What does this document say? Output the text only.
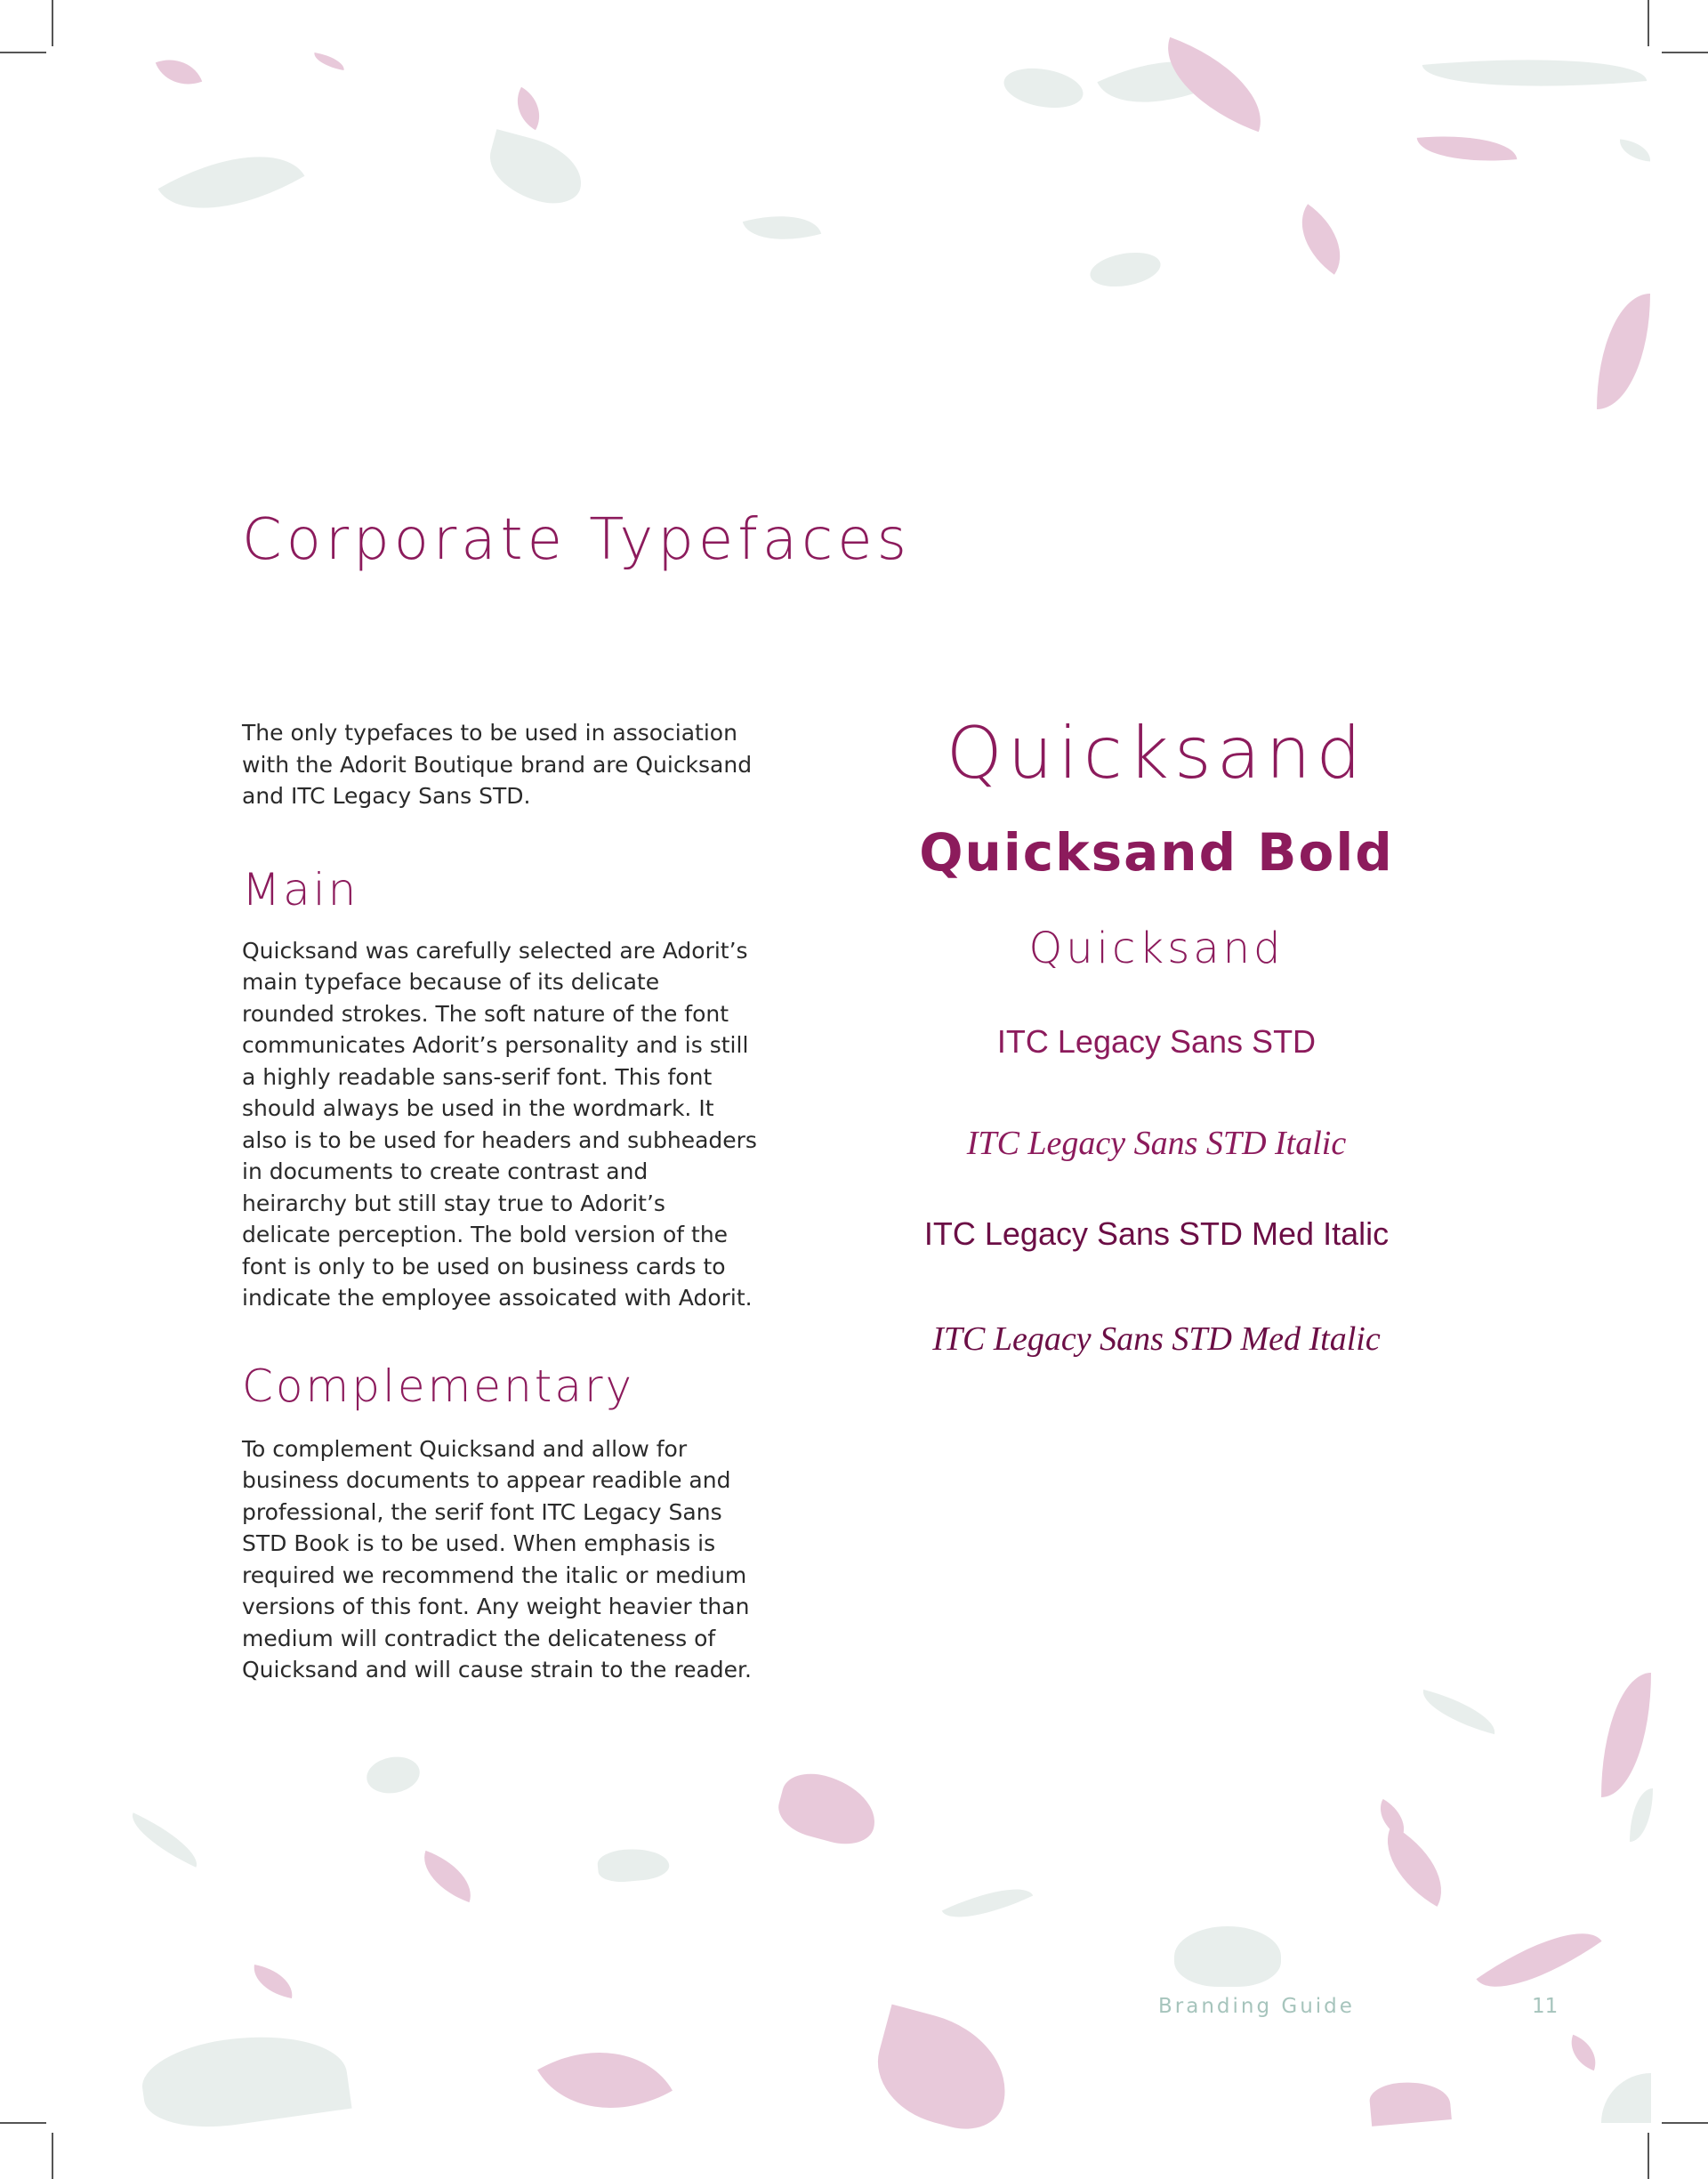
Corporate Typefaces

The only typefaces to be used in association with the Adorit Boutique brand are Quicksand and ITC Legacy Sans STD.

Main

Quicksand was carefully selected are Adorit’s main typeface because of its delicate rounded strokes. The soft nature of the font communicates Adorit’s personality and is still a highly readable sans-serif font. This font should always be used in the wordmark. It also is to be used for headers and subheaders in documents to create contrast and heirarchy but still stay true to Adorit’s delicate perception. The bold version of the font is only to be used on business cards to indicate the employee assoicated with Adorit.

Complementary

To complement Quicksand and allow for business documents to appear readible and professional, the serif font ITC Legacy Sans STD Book is to be used. When emphasis is required we recommend the italic or medium versions of this font. Any weight heavier than medium will contradict the delicateness of Quicksand and will cause strain to the reader.

Quicksand
Quicksand Bold
Quicksand
ITC Legacy Sans STD
ITC Legacy Sans STD Italic
ITC Legacy Sans STD Med Italic
ITC Legacy Sans STD Med Italic
Branding Guide	11
